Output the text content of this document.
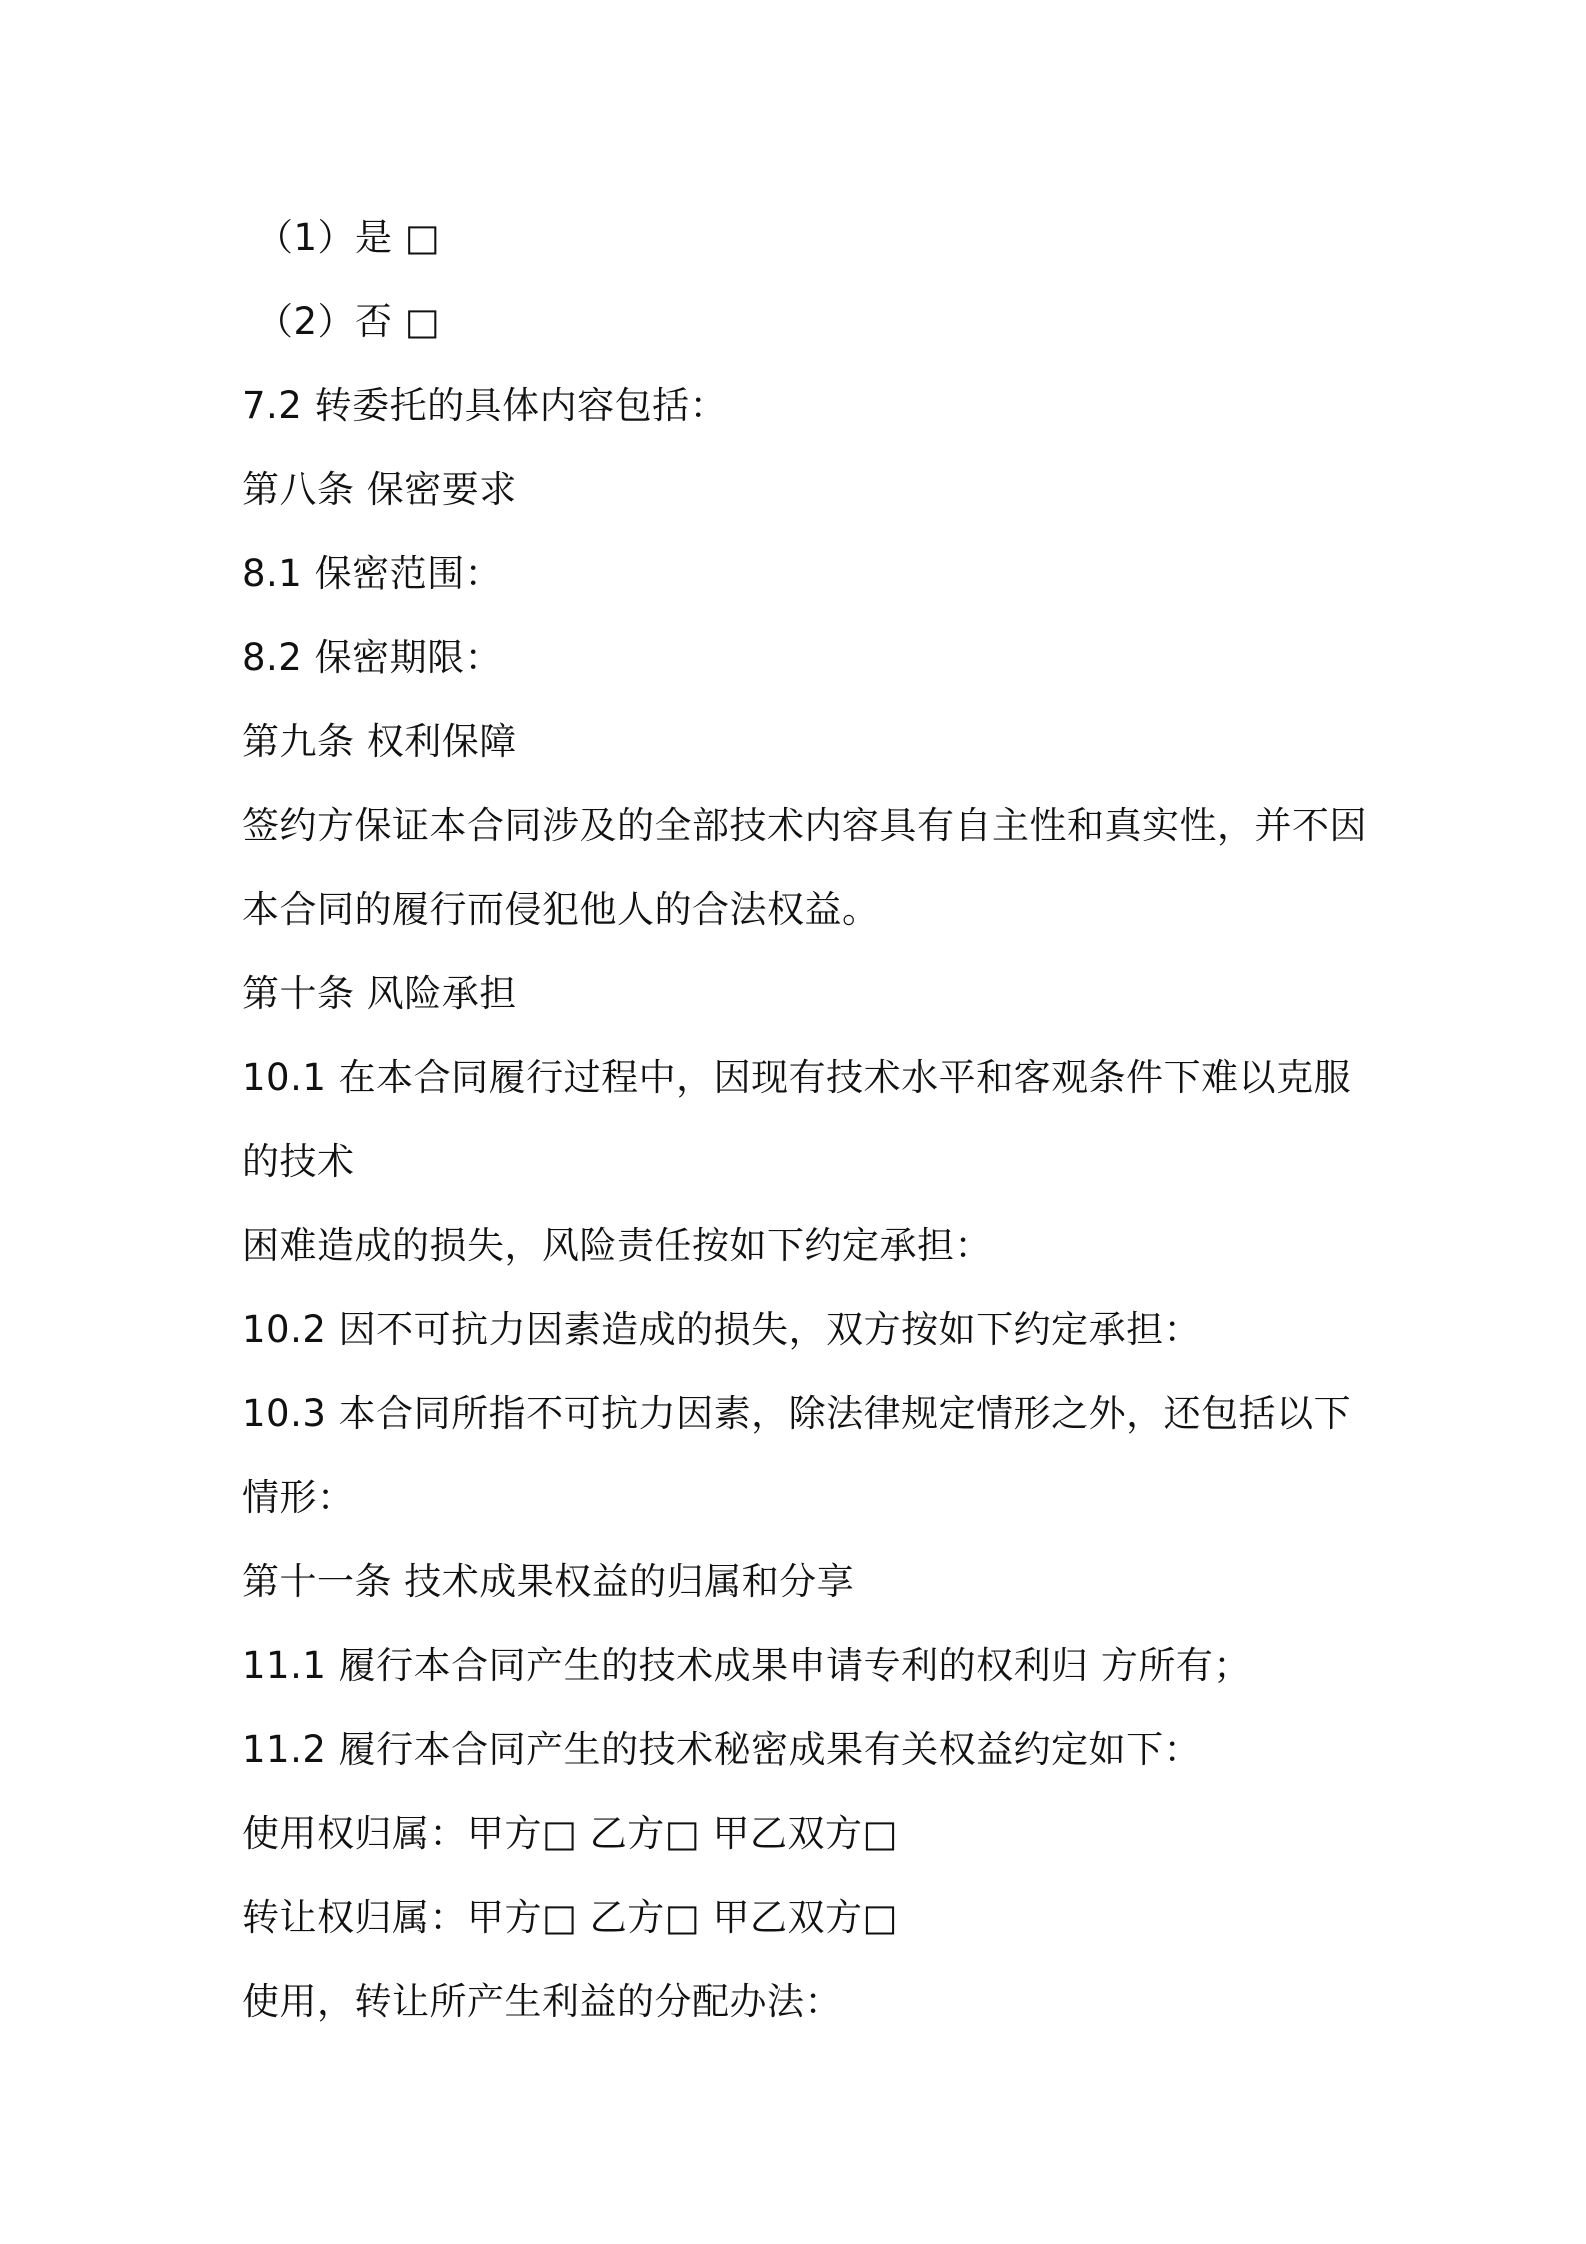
（1）是 □
（2）否 □
7.2 转委托的具体内容包括：
第八条 保密要求
8.1 保密范围：
8.2 保密期限：
第九条 权利保障
签约方保证本合同涉及的全部技术内容具有自主性和真实性，并不因
本合同的履行而侵犯他人的合法权益。
第十条 风险承担
10.1 在本合同履行过程中，因现有技术水平和客观条件下难以克服
的技术
困难造成的损失，风险责任按如下约定承担：
10.2 因不可抗力因素造成的损失，双方按如下约定承担：
10.3 本合同所指不可抗力因素，除法律规定情形之外，还包括以下
情形：
第十一条 技术成果权益的归属和分享
11.1 履行本合同产生的技术成果申请专利的权利归 方所有；
11.2 履行本合同产生的技术秘密成果有关权益约定如下：
使用权归属：甲方□ 乙方□ 甲乙双方□
转让权归属：甲方□ 乙方□ 甲乙双方□
使用，转让所产生利益的分配办法：
